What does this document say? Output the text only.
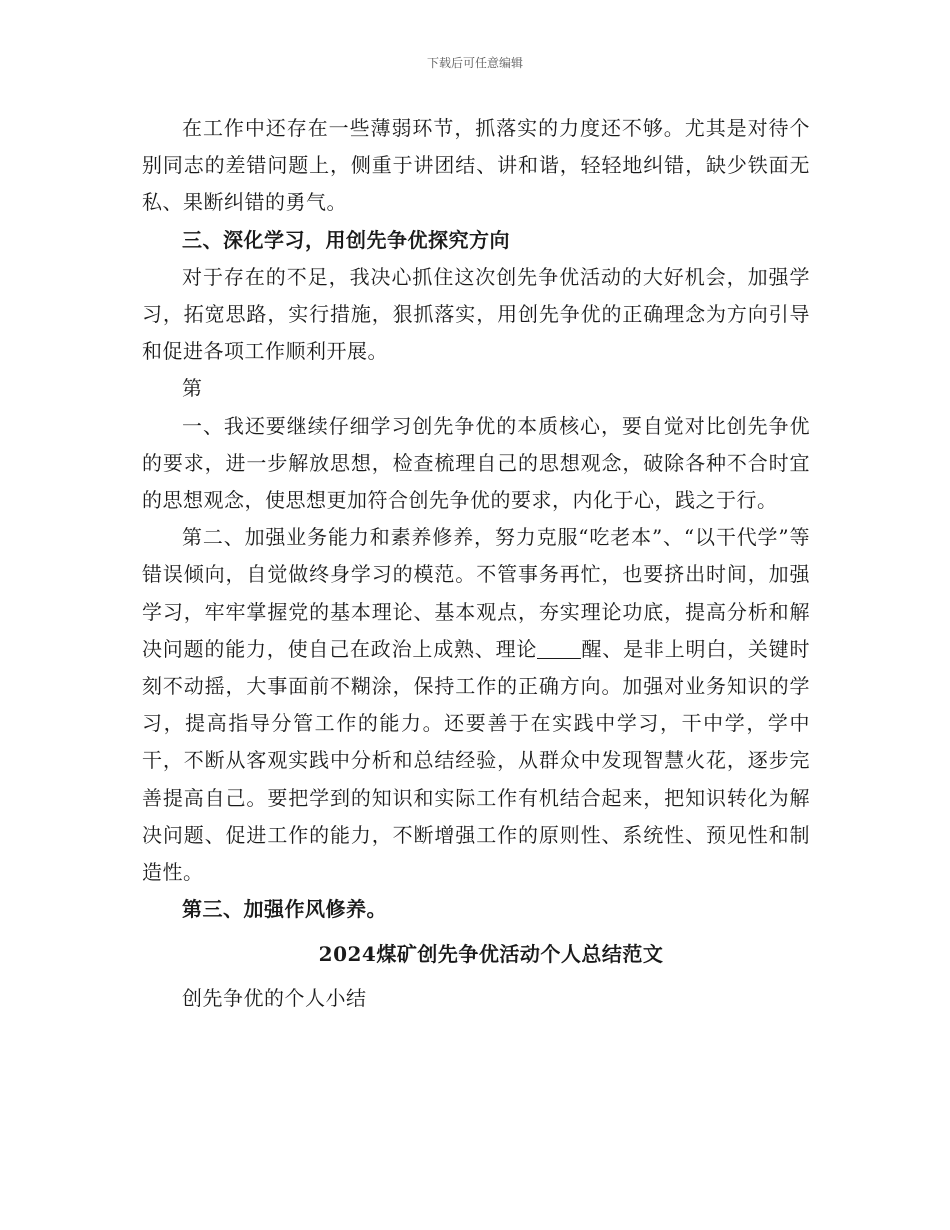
下载后可任意编辑

在工作中还存在一些薄弱环节，抓落实的力度还不够。尤其是对待个别同志的差错问题上，侧重于讲团结、讲和谐，轻轻地纠错，缺少铁面无私、果断纠错的勇气。

三、深化学习，用创先争优探究方向

对于存在的不足，我决心抓住这次创先争优活动的大好机会，加强学习，拓宽思路，实行措施，狠抓落实，用创先争优的正确理念为方向引导和促进各项工作顺利开展。

第

一、我还要继续仔细学习创先争优的本质核心，要自觉对比创先争优的要求，进一步解放思想，检查梳理自己的思想观念，破除各种不合时宜的思想观念，使思想更加符合创先争优的要求，内化于心，践之于行。

第二、加强业务能力和素养修养，努力克服“吃老本”、“以干代学”等错误倾向，自觉做终身学习的模范。不管事务再忙，也要挤出时间，加强学习，牢牢掌握党的基本理论、基本观点，夯实理论功底，提高分析和解决问题的能力，使自己在政治上成熟、理论 醒、是非上明白，关键时刻不动摇，大事面前不糊涂，保持工作的正确方向。加强对业务知识的学习，提高指导分管工作的能力。还要善于在实践中学习，干中学，学中干，不断从客观实践中分析和总结经验，从群众中发现智慧火花，逐步完善提高自己。要把学到的知识和实际工作有机结合起来，把知识转化为解决问题、促进工作的能力，不断增强工作的原则性、系统性、预见性和制造性。

第三、加强作风修养。

2024煤矿创先争优活动个人总结范文

创先争优的个人小结
